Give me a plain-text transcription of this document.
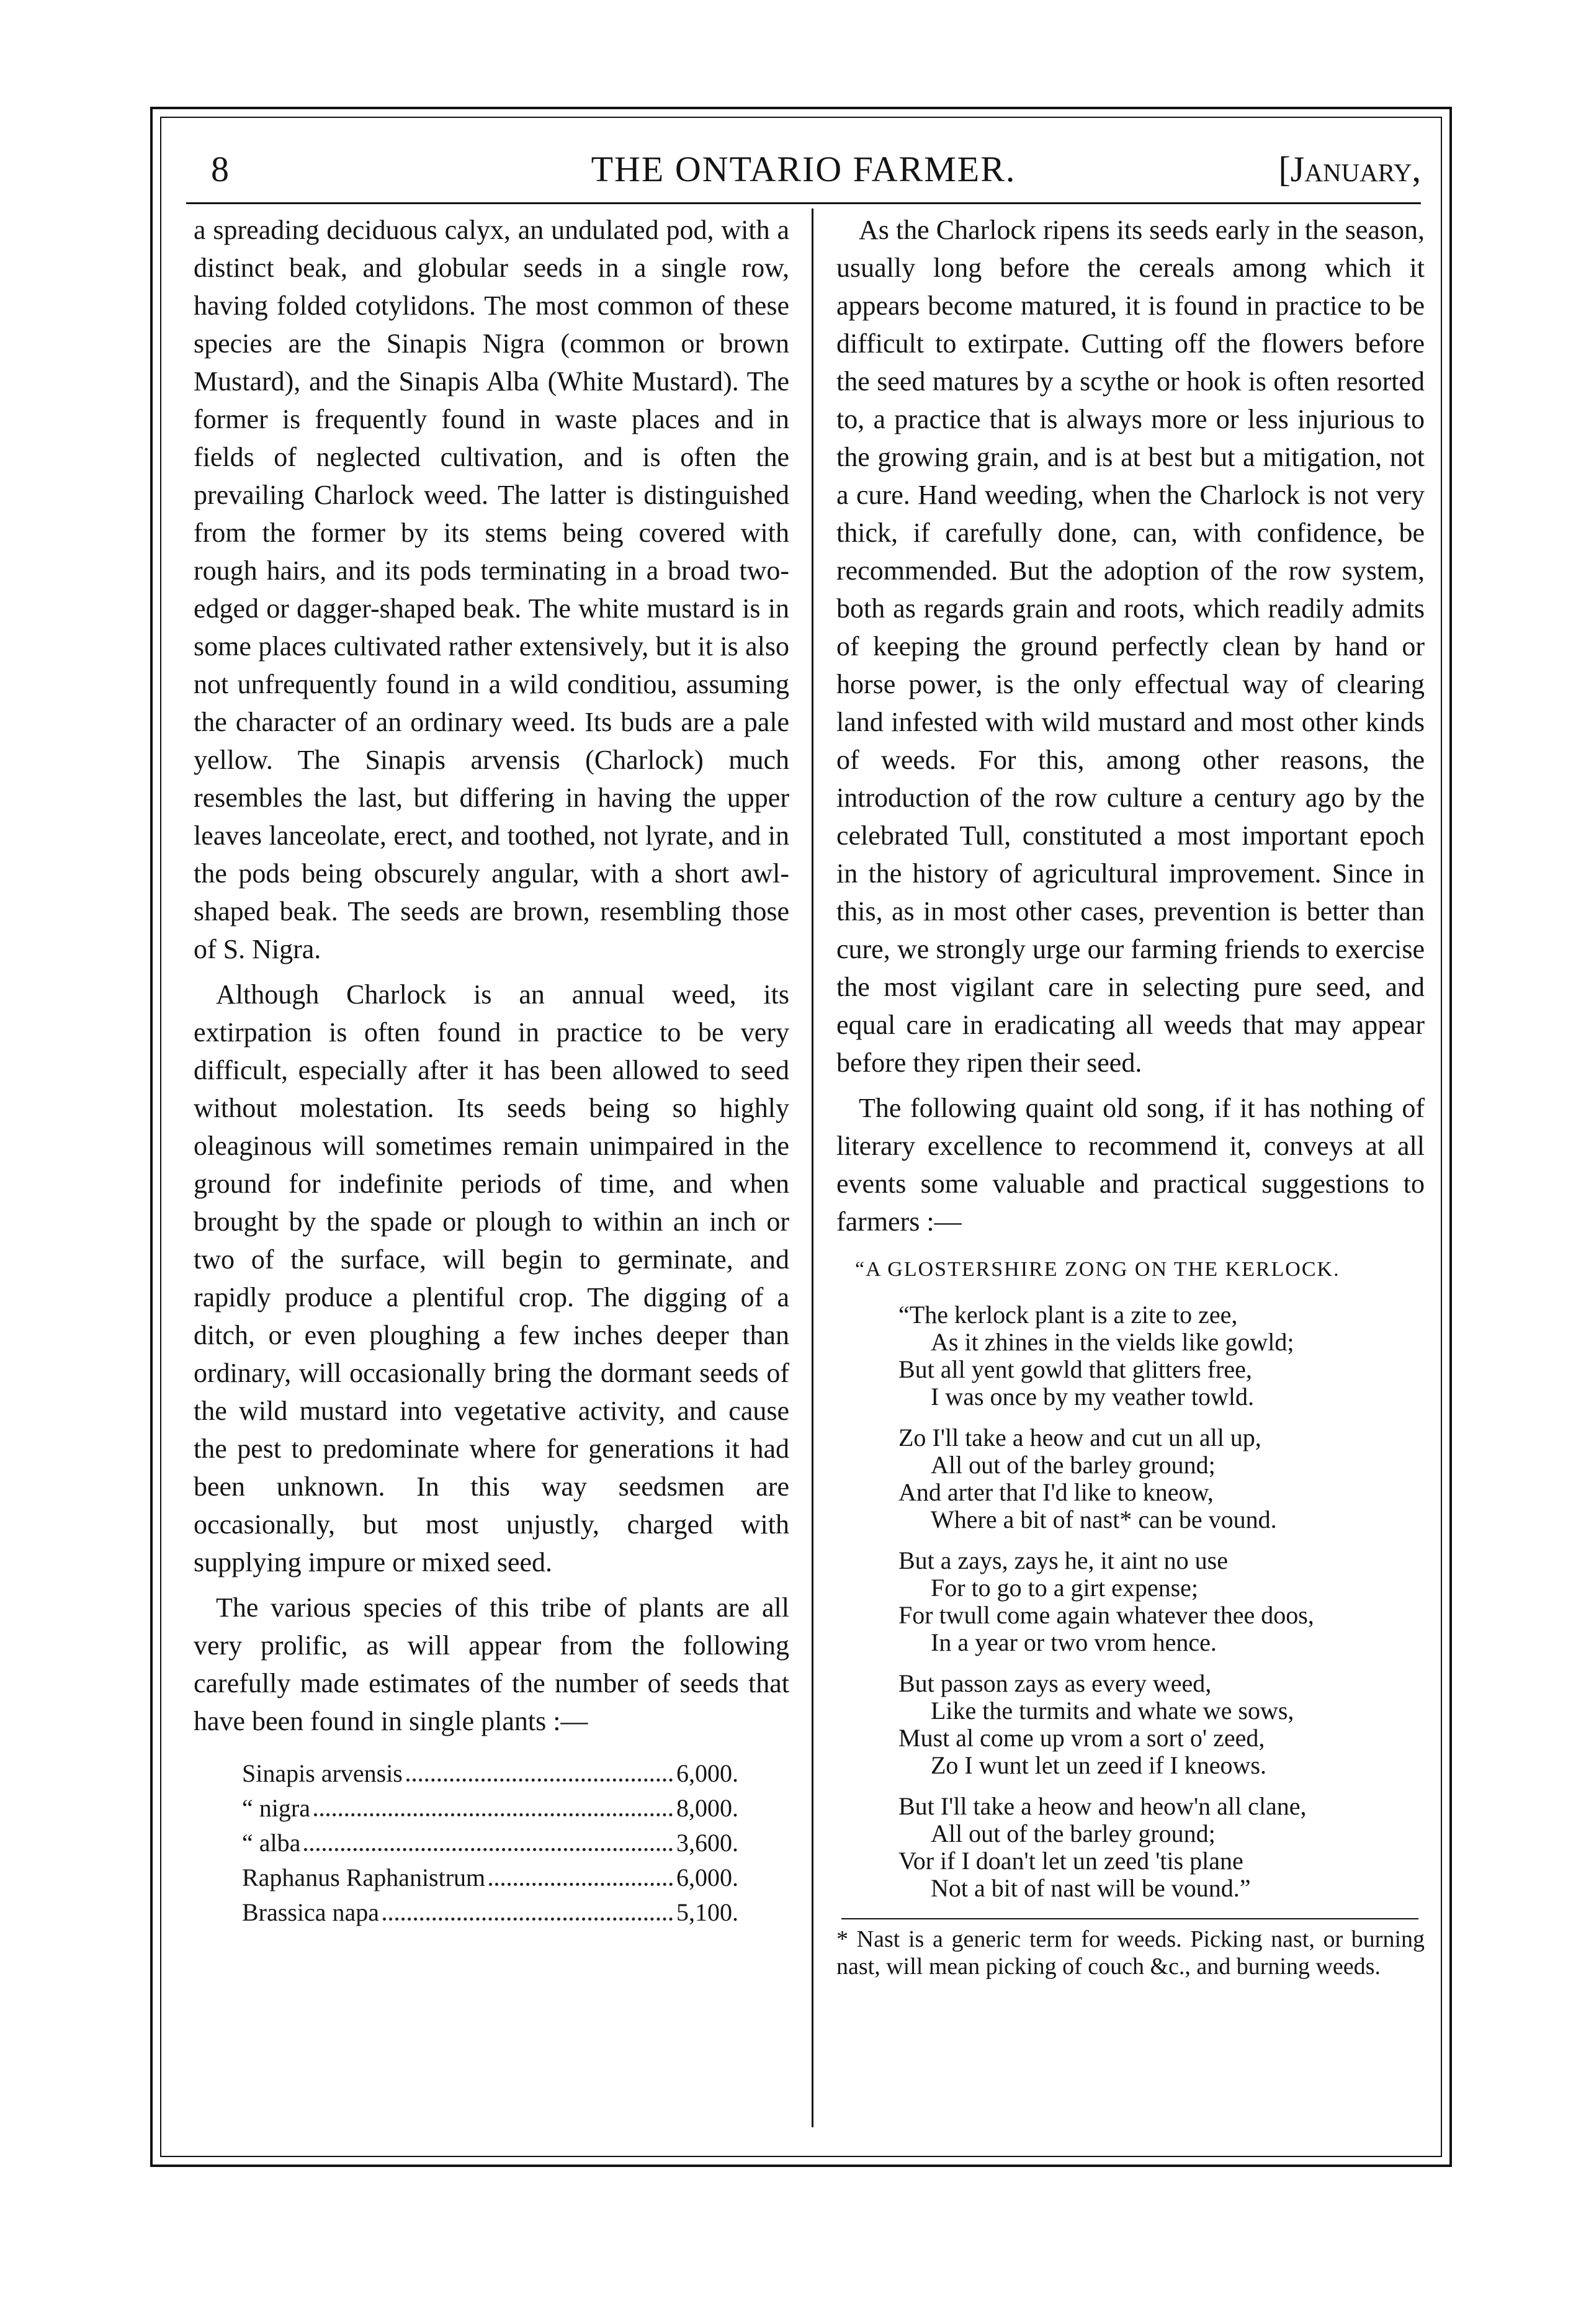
8	THE ONTARIO FARMER.	[January,

a spreading deciduous calyx, an undulated pod, with a distinct beak, and globular seeds in a single row, having folded cotylidons. The most common of these species are the Sinapis Nigra (common or brown Mustard), and the Sinapis Alba (White Mustard). The former is frequently found in waste places and in fields of neglected cultivation, and is often the prevailing Charlock weed. The latter is distinguished from the former by its stems being covered with rough hairs, and its pods terminating in a broad two-edged or dagger-shaped beak. The white mustard is in some places cultivated rather extensively, but it is also not unfrequently found in a wild conditiou, assuming the character of an ordinary weed. Its buds are a pale yellow. The Sinapis arvensis (Charlock) much resembles the last, but differing in having the upper leaves lanceolate, erect, and toothed, not lyrate, and in the pods being obscurely angular, with a short awl-shaped beak. The seeds are brown, resembling those of S. Nigra.

Although Charlock is an annual weed, its extirpation is often found in practice to be very difficult, especially after it has been allowed to seed without molestation. Its seeds being so highly oleaginous will sometimes remain unimpaired in the ground for indefinite periods of time, and when brought by the spade or plough to within an inch or two of the surface, will begin to germinate, and rapidly produce a plentiful crop. The digging of a ditch, or even ploughing a few inches deeper than ordinary, will occasionally bring the dormant seeds of the wild mustard into vegetative activity, and cause the pest to predominate where for generations it had been unknown. In this way seedsmen are occasionally, but most unjustly, charged with supplying impure or mixed seed.

The various species of this tribe of plants are all very prolific, as will appear from the following carefully made estimates of the number of seeds that have been found in single plants :—

Sinapis arvensis	6,000.
“ nigra	8,000.
“ alba	3,600.
Raphanus Raphanistrum	6,000.
Brassica napa	5,100.

As the Charlock ripens its seeds early in the season, usually long before the cereals among which it appears become matured, it is found in practice to be difficult to extirpate. Cutting off the flowers before the seed matures by a scythe or hook is often resorted to, a practice that is always more or less injurious to the growing grain, and is at best but a mitigation, not a cure. Hand weeding, when the Charlock is not very thick, if carefully done, can, with confidence, be recommended. But the adoption of the row system, both as regards grain and roots, which readily admits of keeping the ground perfectly clean by hand or horse power, is the only effectual way of clearing land infested with wild mustard and most other kinds of weeds. For this, among other reasons, the introduction of the row culture a century ago by the celebrated Tull, constituted a most important epoch in the history of agricultural improvement. Since in this, as in most other cases, prevention is better than cure, we strongly urge our farming friends to exercise the most vigilant care in selecting pure seed, and equal care in eradicating all weeds that may appear before they ripen their seed.

The following quaint old song, if it has nothing of literary excellence to recommend it, conveys at all events some valuable and practical suggestions to farmers :—

“A GLOSTERSHIRE ZONG ON THE KERLOCK.
“The kerlock plant is a zite to zee,
As it zhines in the vields like gowld;
But all yent gowld that glitters free,
I was once by my veather towld.
Zo I'll take a heow and cut un all up,
All out of the barley ground;
And arter that I'd like to kneow,
Where a bit of nast* can be vound.
But a zays, zays he, it aint no use
For to go to a girt expense;
For twull come again whatever thee doos,
In a year or two vrom hence.
But passon zays as every weed,
Like the turmits and whate we sows,
Must al come up vrom a sort o' zeed,
Zo I wunt let un zeed if I kneows.
But I'll take a heow and heow'n all clane,
All out of the barley ground;
Vor if I doan't let un zeed 'tis plane
Not a bit of nast will be vound.”
* Nast is a generic term for weeds. Picking nast, or burning nast, will mean picking of couch &c., and burning weeds.
